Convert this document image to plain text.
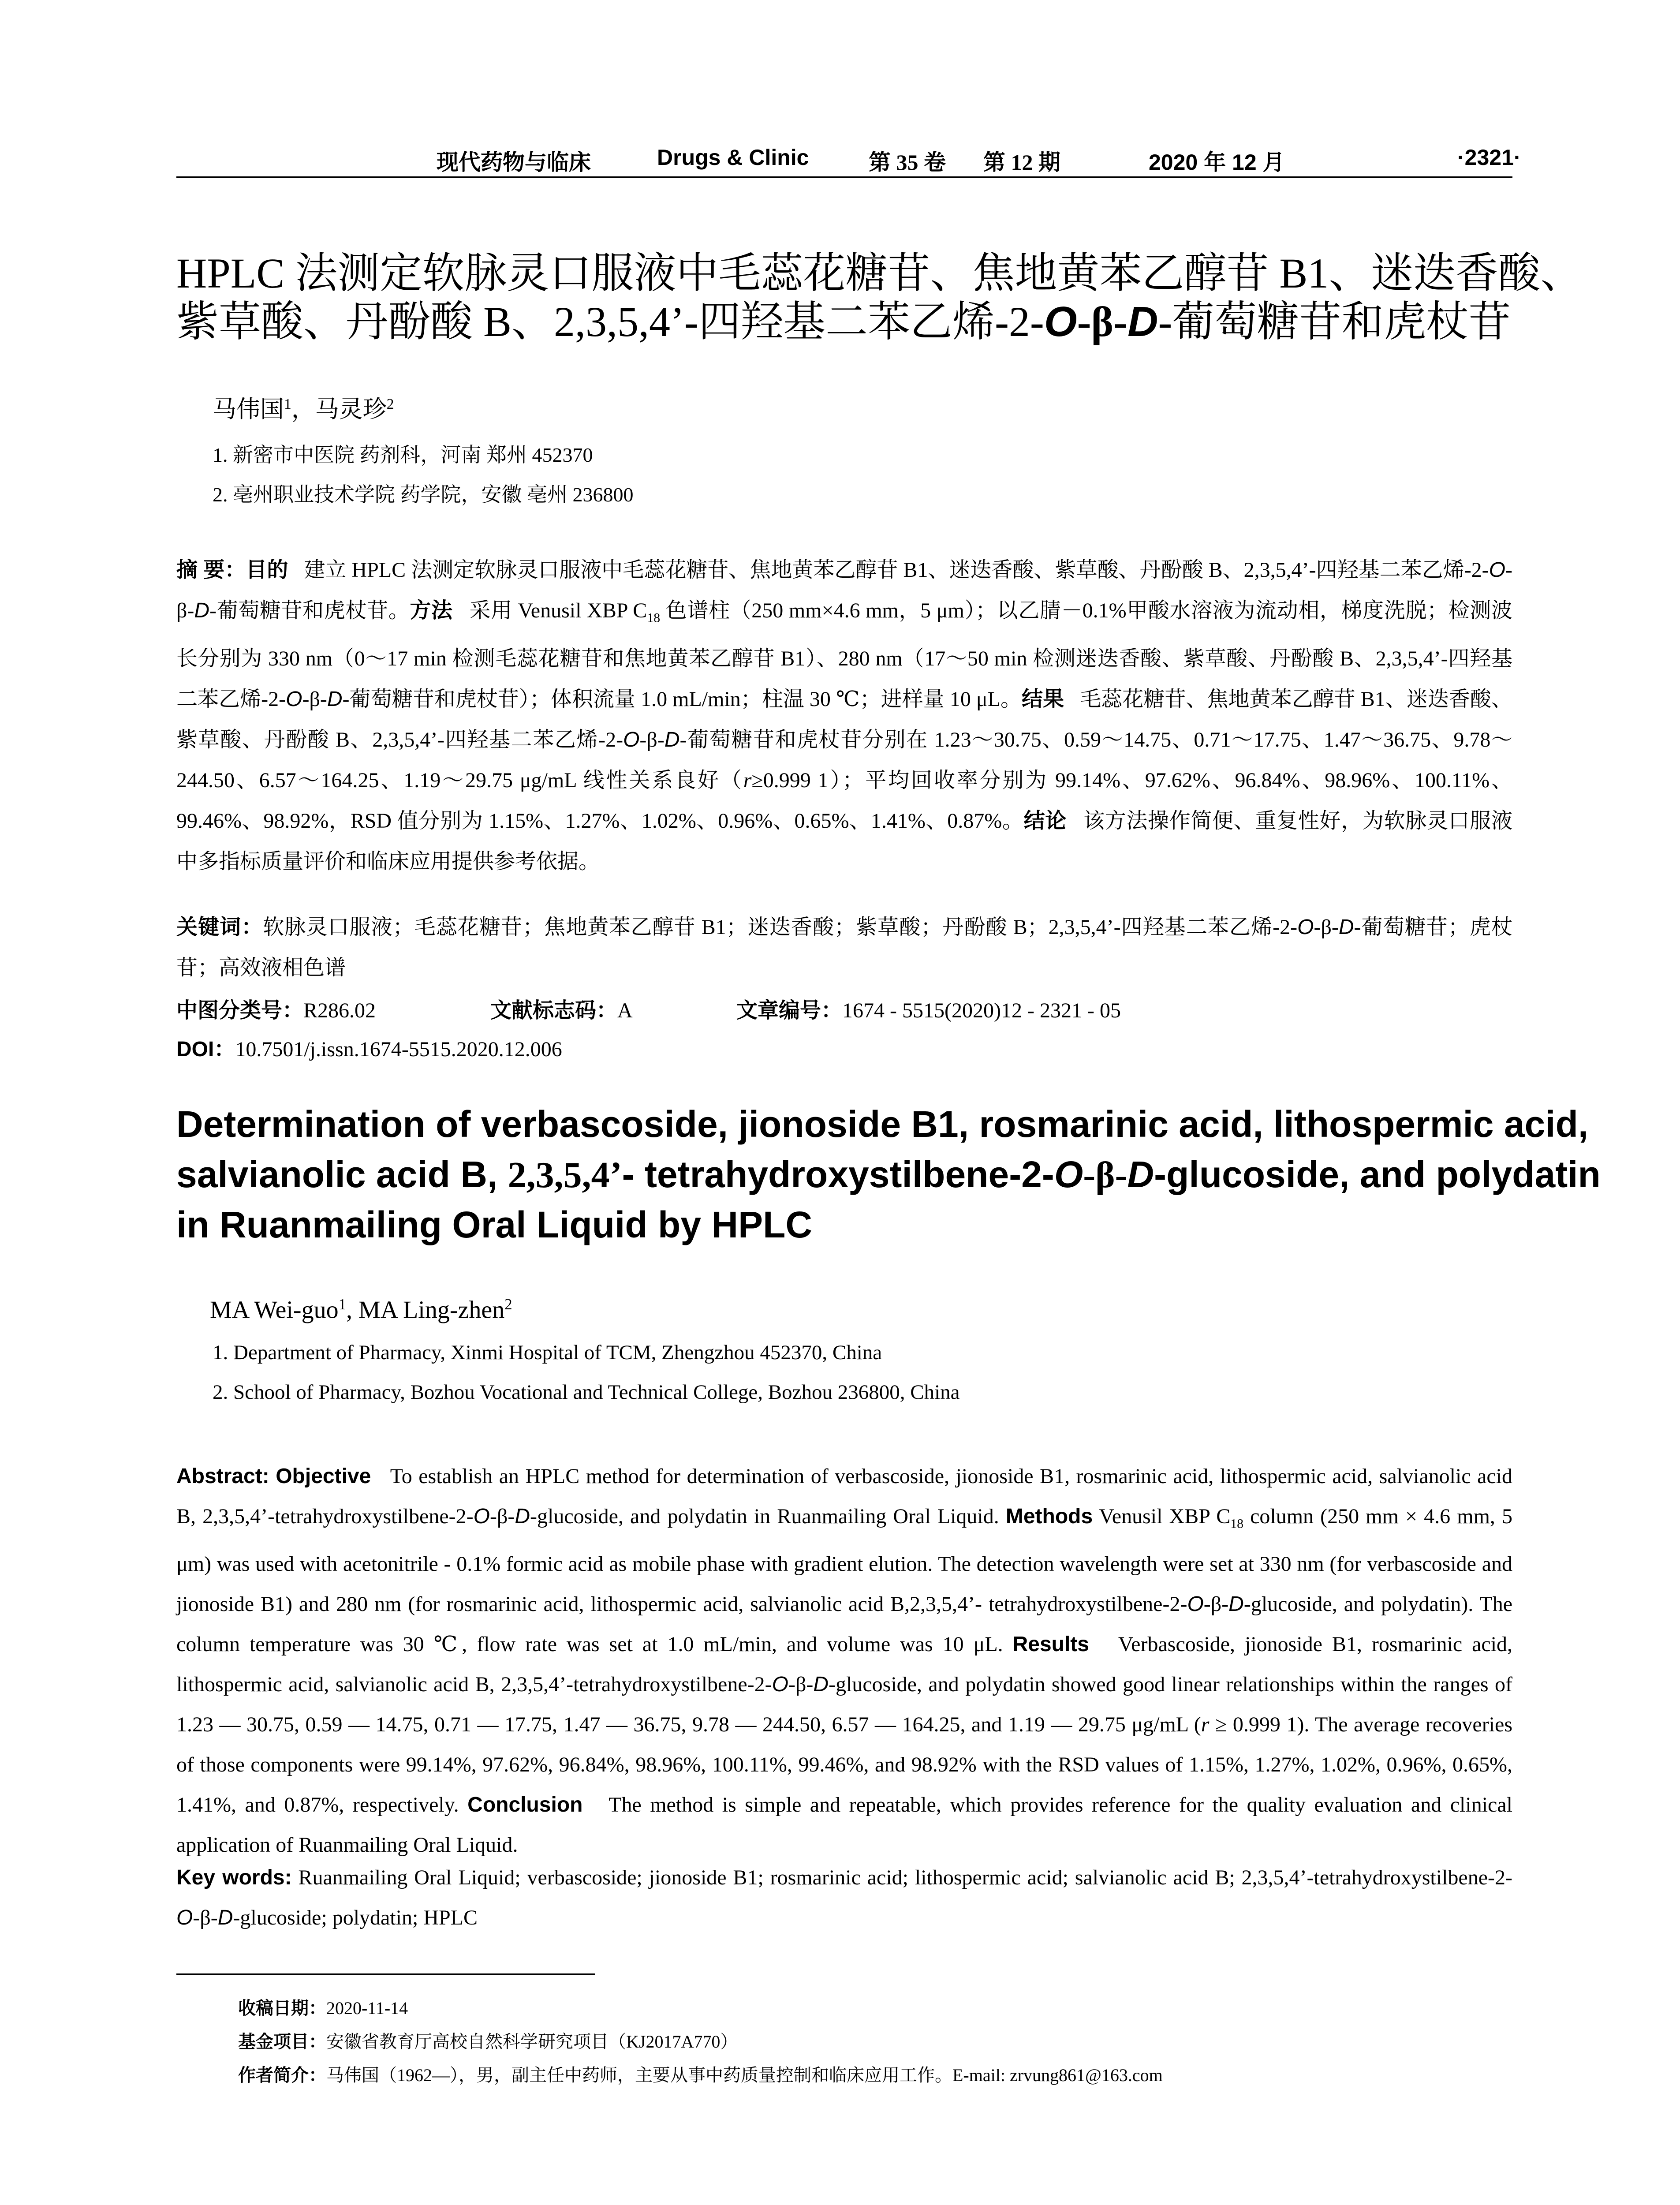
现代药物与临床	Drugs & Clinic	第 35 卷 第 12 期	2020 年 12 月	·2321·
HPLC 法测定软脉灵口服液中毛蕊花糖苷、焦地黄苯乙醇苷 B1、迷迭香酸、
紫草酸、丹酚酸 B、2,3,5,4’-四羟基二苯乙烯-2-O-β-D-葡萄糖苷和虎杖苷
马伟国$^1$，马灵珍$^2$
1. 新密市中医院 药剂科，河南 郑州 452370
2. 亳州职业技术学院 药学院，安徽 亳州 236800

摘 要：目的 建立 HPLC 法测定软脉灵口服液中毛蕊花糖苷、焦地黄苯乙醇苷 B1、迷迭香酸、紫草酸、丹酚酸 B、2,3,5,4’-四羟基二苯乙烯-2-O-β-D-葡萄糖苷和虎杖苷。方法 采用 Venusil XBP $C_{18}$ 色谱柱（250 mm×4.6 mm，5 μm）；以乙腈－0.1%甲酸水溶液为流动相，梯度洗脱；检测波长分别为 330 nm（0～17 min 检测毛蕊花糖苷和焦地黄苯乙醇苷 B1）、280 nm（17～50 min 检测迷迭香酸、紫草酸、丹酚酸 B、2,3,5,4’-四羟基二苯乙烯-2-O-β-D-葡萄糖苷和虎杖苷）；体积流量 1.0 mL/min；柱温 30 ℃；进样量 10 μL。结果 毛蕊花糖苷、焦地黄苯乙醇苷 B1、迷迭香酸、紫草酸、丹酚酸 B、2,3,5,4’-四羟基二苯乙烯-2-O-β-D-葡萄糖苷和虎杖苷分别在 1.23～30.75、0.59～14.75、0.71～17.75、1.47～36.75、9.78～244.50、6.57～164.25、1.19～29.75 μg/mL 线性关系良好（r≥0.999 1）；平均回收率分别为 99.14%、97.62%、96.84%、98.96%、100.11%、99.46%、98.92%，RSD 值分别为 1.15%、1.27%、1.02%、0.96%、0.65%、1.41%、0.87%。结论 该方法操作简便、重复性好，为软脉灵口服液中多指标质量评价和临床应用提供参考依据。

关键词：软脉灵口服液；毛蕊花糖苷；焦地黄苯乙醇苷 B1；迷迭香酸；紫草酸；丹酚酸 B；2,3,5,4’-四羟基二苯乙烯-2-O-β-D-葡萄糖苷；虎杖苷；高效液相色谱

中图分类号：R286.02	文献标志码：A	文章编号：1674 - 5515(2020)12 - 2321 - 05
DOI：10.7501/j.issn.1674-5515.2020.12.006
Determination of verbascoside, jionoside B1, rosmarinic acid, lithospermic acid,
salvianolic acid B, 2,3,5,4’- tetrahydroxystilbene-2-O-β-D-glucoside, and polydatin
in Ruanmailing Oral Liquid by HPLC
MA Wei-guo$^1$, MA Ling-zhen$^2$
1. Department of Pharmacy, Xinmi Hospital of TCM, Zhengzhou 452370, China
2. School of Pharmacy, Bozhou Vocational and Technical College, Bozhou 236800, China

Abstract: Objective To establish an HPLC method for determination of verbascoside, jionoside B1, rosmarinic acid, lithospermic acid, salvianolic acid B, 2,3,5,4’-tetrahydroxystilbene-2-O-β-D-glucoside, and polydatin in Ruanmailing Oral Liquid. Methods Venusil XBP $C_{18}$ column (250 mm × 4.6 mm, 5 μm) was used with acetonitrile - 0.1% formic acid as mobile phase with gradient elution. The detection wavelength were set at 330 nm (for verbascoside and jionoside B1) and 280 nm (for rosmarinic acid, lithospermic acid, salvianolic acid B,2,3,5,4’- tetrahydroxystilbene-2-O-β-D-glucoside, and polydatin). The column temperature was 30 ℃, flow rate was set at 1.0 mL/min, and volume was 10 μL. Results Verbascoside, jionoside B1, rosmarinic acid, lithospermic acid, salvianolic acid B, 2,3,5,4’-tetrahydroxystilbene-2-O-β-D-glucoside, and polydatin showed good linear relationships within the ranges of 1.23 — 30.75, 0.59 — 14.75, 0.71 — 17.75, 1.47 — 36.75, 9.78 — 244.50, 6.57 — 164.25, and 1.19 — 29.75 μg/mL (r ≥ 0.999 1). The average recoveries of those components were 99.14%, 97.62%, 96.84%, 98.96%, 100.11%, 99.46%, and 98.92% with the RSD values of 1.15%, 1.27%, 1.02%, 0.96%, 0.65%, 1.41%, and 0.87%, respectively. Conclusion The method is simple and repeatable, which provides reference for the quality evaluation and clinical application of Ruanmailing Oral Liquid.

Key words: Ruanmailing Oral Liquid; verbascoside; jionoside B1; rosmarinic acid; lithospermic acid; salvianolic acid B; 2,3,5,4’-tetrahydroxystilbene-2-O-β-D-glucoside; polydatin; HPLC

收稿日期：2020-11-14
基金项目：安徽省教育厅高校自然科学研究项目（KJ2017A770）
作者简介：马伟国（1962—），男，副主任中药师，主要从事中药质量控制和临床应用工作。E-mail: zrvung861@163.com
